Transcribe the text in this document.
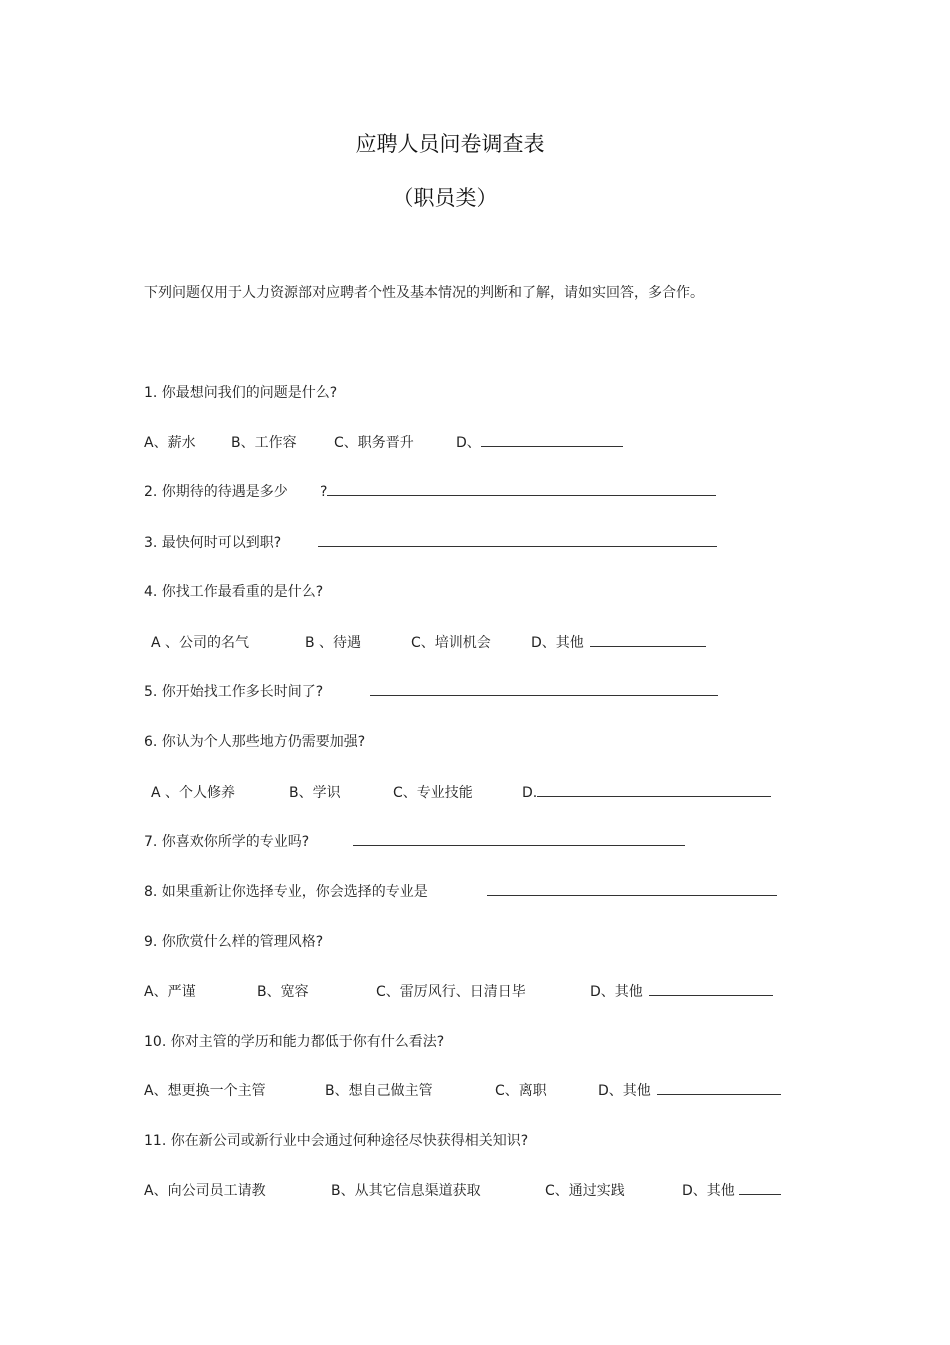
应聘人员问卷调查表
（职员类）
下列问题仅用于人力资源部对应聘者个性及基本情况的判断和了解，请如实回答，多合作。
1. 你最想问我们的问题是什么?
A、薪水	B、工作容	C、职务晋升	D、
2. 你期待的待遇是多少 ?
3. 最快何时可以到职?
4. 你找工作最看重的是什么?
A 、公司的名气	B 、待遇	C、培训机会	D、其他
5. 你开始找工作多长时间了?
6. 你认为个人那些地方仍需要加强?
A 、个人修养	B、学识	C、专业技能	D.
7. 你喜欢你所学的专业吗?
8. 如果重新让你选择专业，你会选择的专业是
9. 你欣赏什么样的管理风格?
A、严谨	B、宽容	C、雷厉风行、日清日毕	D、其他
10. 你对主管的学历和能力都低于你有什么看法?
A、想更换一个主管	B、想自己做主管	C、离职	D、其他
11. 你在新公司或新行业中会通过何种途径尽快获得相关知识?
A、向公司员工请教	B、从其它信息渠道获取	C、通过实践	D、其他
